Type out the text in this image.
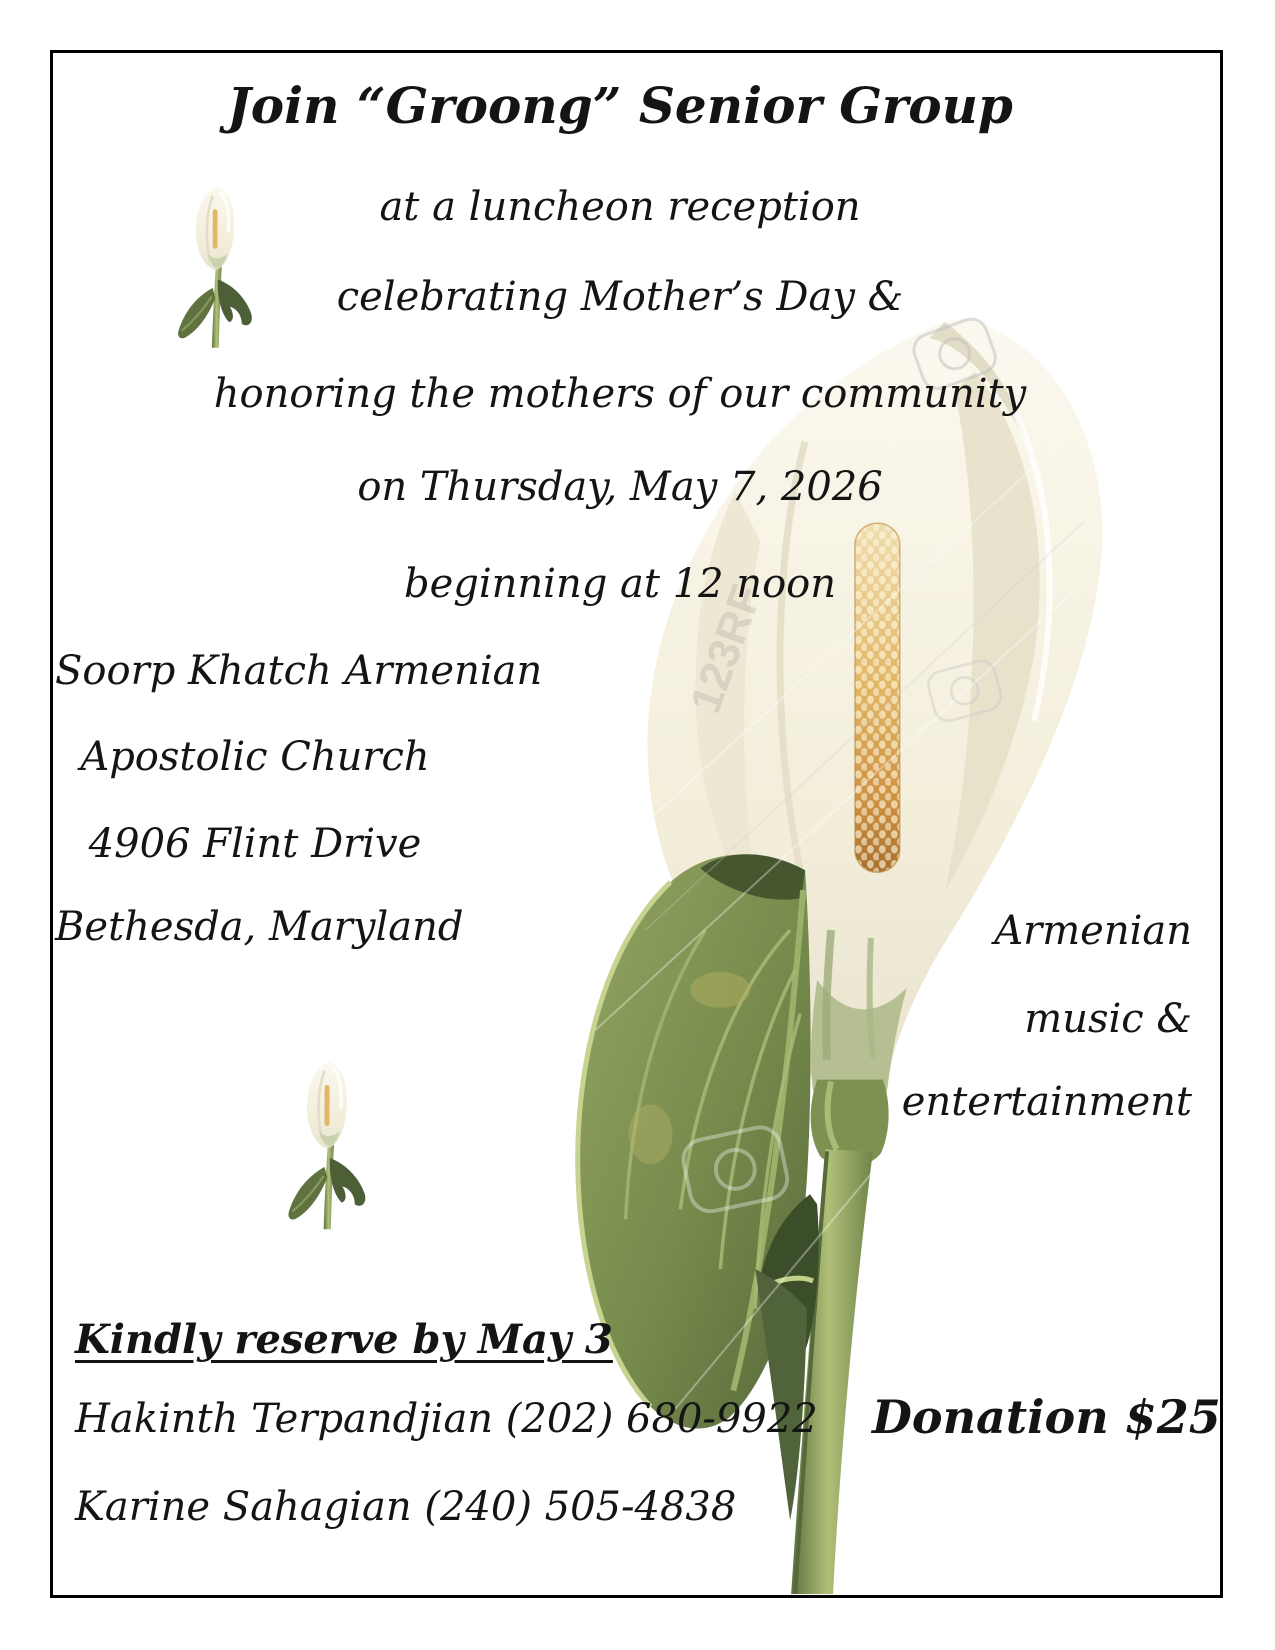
123RF
Join “Groong” Senior Group
at a luncheon reception
celebrating Mother’s Day &
honoring the mothers of our community
on Thursday, May 7, 2026
beginning at 12 noon
Soorp Khatch Armenian
Apostolic Church
4906 Flint Drive
Bethesda, Maryland	Armenian
music &
entertainment
Kindly reserve by May 3
Hakinth Terpandjian (202) 680-9922
Karine Sahagian (240) 505-4838
Donation $25
